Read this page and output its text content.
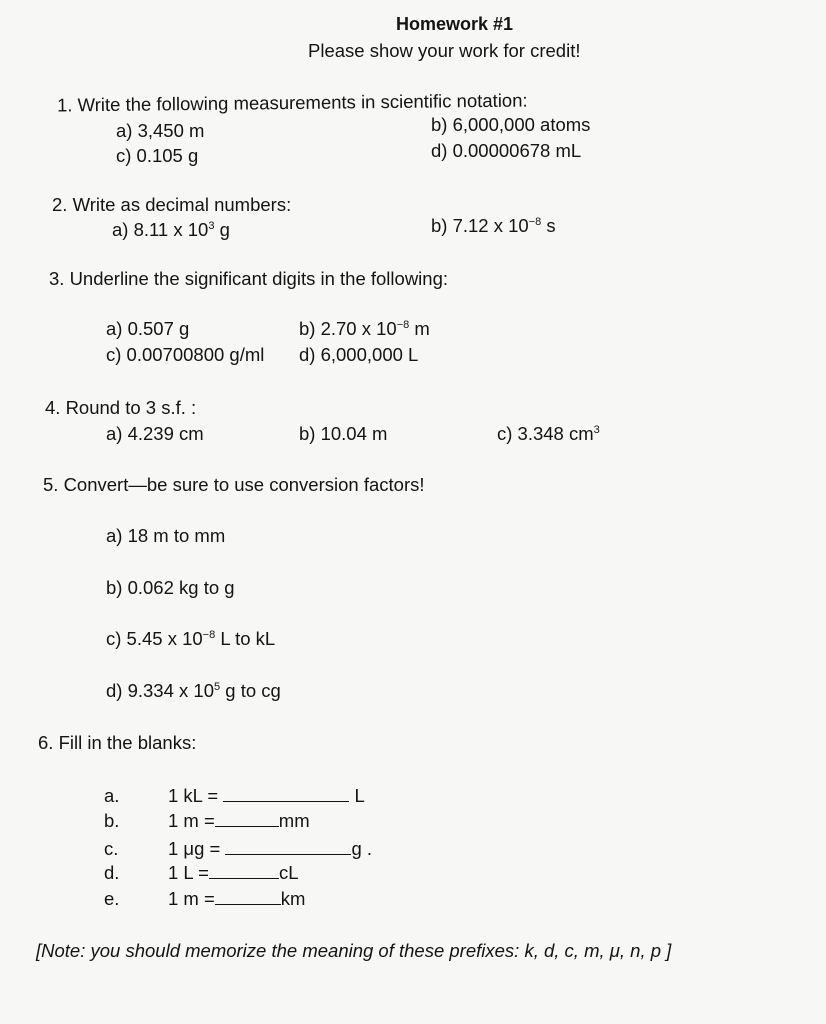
Homework #1
Please show your work for credit!
1. Write the following measurements in scientific notation:
a) 3,450 m	b) 6,000,000 atoms
c) 0.105 g	d) 0.00000678 mL
2. Write as decimal numbers:
a) 8.11 x $10^3$ g	b) 7.12 x $10^{-8}$ s
3. Underline the significant digits in the following:
a) 0.507 g	b) 2.70 x $10^{-8}$ m
c) 0.00700800 g/ml d) 6,000,000 L
4. Round to 3 s.f. :
a) 4.239 cm	b) 10.04 m	c) 3.348 $cm^3$
5. Convert—be sure to use conversion factors!
a) 18 m to mm
b) 0.062 kg to g
c) 5.45 x $10^{-8}$ L to kL
d) 9.334 x $10^5$ g to cg
6. Fill in the blanks:
a.	1 kL =	L
b.	1 m =	mm
c.	1 μg =	g .
d.	1 L =	cL
e.	1 m =	km
[Note: you should memorize the meaning of these prefixes: k, d, c, m, μ, n, p ]
